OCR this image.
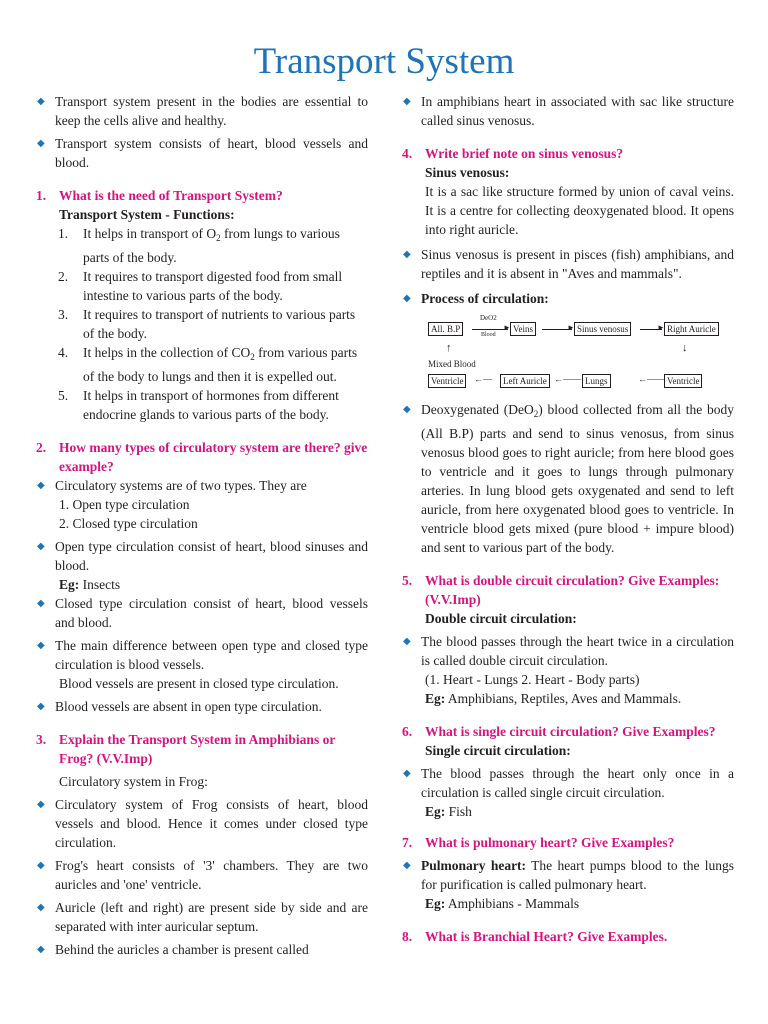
Transport System
◆ Transport system present in the bodies are essential to keep the cells alive and healthy.
◆ Transport system consists of heart, blood vessels and blood.
1. What is the need of Transport System?
Transport System - Functions:
1. It helps in transport of $O_2$ from lungs to various parts of the body.
2. It requires to transport digested food from small intestine to various parts of the body.
3. It requires to transport of nutrients to various parts of the body.
4. It helps in the collection of $CO_2$ from various parts of the body to lungs and then it is expelled out.
5. It helps in transport of hormones from different endocrine glands to various parts of the body.
2. How many types of circulatory system are there? give example?
◆ Circulatory systems are of two types. They are
1. Open type circulation
2. Closed type circulation
◆ Open type circulation consist of heart, blood sinuses and blood.
Eg: Insects
◆ Closed type circulation consist of heart, blood vessels and blood.
◆ The main difference between open type and closed type circulation is blood vessels.
Blood vessels are present in closed type circulation.
◆ Blood vessels are absent in open type circulation.
3. Explain the Transport System in Amphibians or Frog? (V.V.Imp)
Circulatory system in Frog:
◆ Circulatory system of Frog consists of heart, blood vessels and blood. Hence it comes under closed type circulation.
◆ Frog's heart consists of '3' chambers. They are two auricles and 'one' ventricle.
◆ Auricle (left and right) are present side by side and are separated with inter auricular septum.
◆ Behind the auricles a chamber is present called
◆ In amphibians heart in associated with sac like structure called sinus venosus.
4. Write brief note on sinus venosus?
Sinus venosus:
It is a sac like structure formed by union of caval veins. It is a centre for collecting deoxygenated blood. It opens into right auricle.
◆ Sinus venosus is present in pisces (fish) amphibians, and reptiles and it is absent in "Aves and mammals".
◆ Process of circulation:
All. B.P
DeO2
►
Blood
Veins	► Sinus venosus	► Right Auricle
↓
↑
Mixed Blood
Ventricle	←—	Left Auricle ←—— Lungs	←—— Ventricle
◆ Deoxygenated (DeO$_2$) blood collected from all the body (All B.P) parts and send to sinus venosus, from sinus venosus blood goes to right auricle; from here blood goes to ventricle and it goes to lungs through pulmonary arteries. In lung blood gets oxygenated and send to left auricle, from here oxygenated blood goes to ventricle. In ventricle blood gets mixed (pure blood + impure blood) and sent to various part of the body.
5. What is double circuit circulation? Give Examples: (V.V.Imp)
Double circuit circulation:
◆ The blood passes through the heart twice in a circulation is called double circuit circulation.
(1. Heart - Lungs 2. Heart - Body parts)
Eg: Amphibians, Reptiles, Aves and Mammals.
6. What is single circuit circulation? Give Examples?
Single circuit circulation:
◆ The blood passes through the heart only once in a circulation is called single circuit circulation.
Eg: Fish
7. What is pulmonary heart? Give Examples?
◆ Pulmonary heart: The heart pumps blood to the lungs for purification is called pulmonary heart.
Eg: Amphibians - Mammals
8. What is Branchial Heart? Give Examples.
